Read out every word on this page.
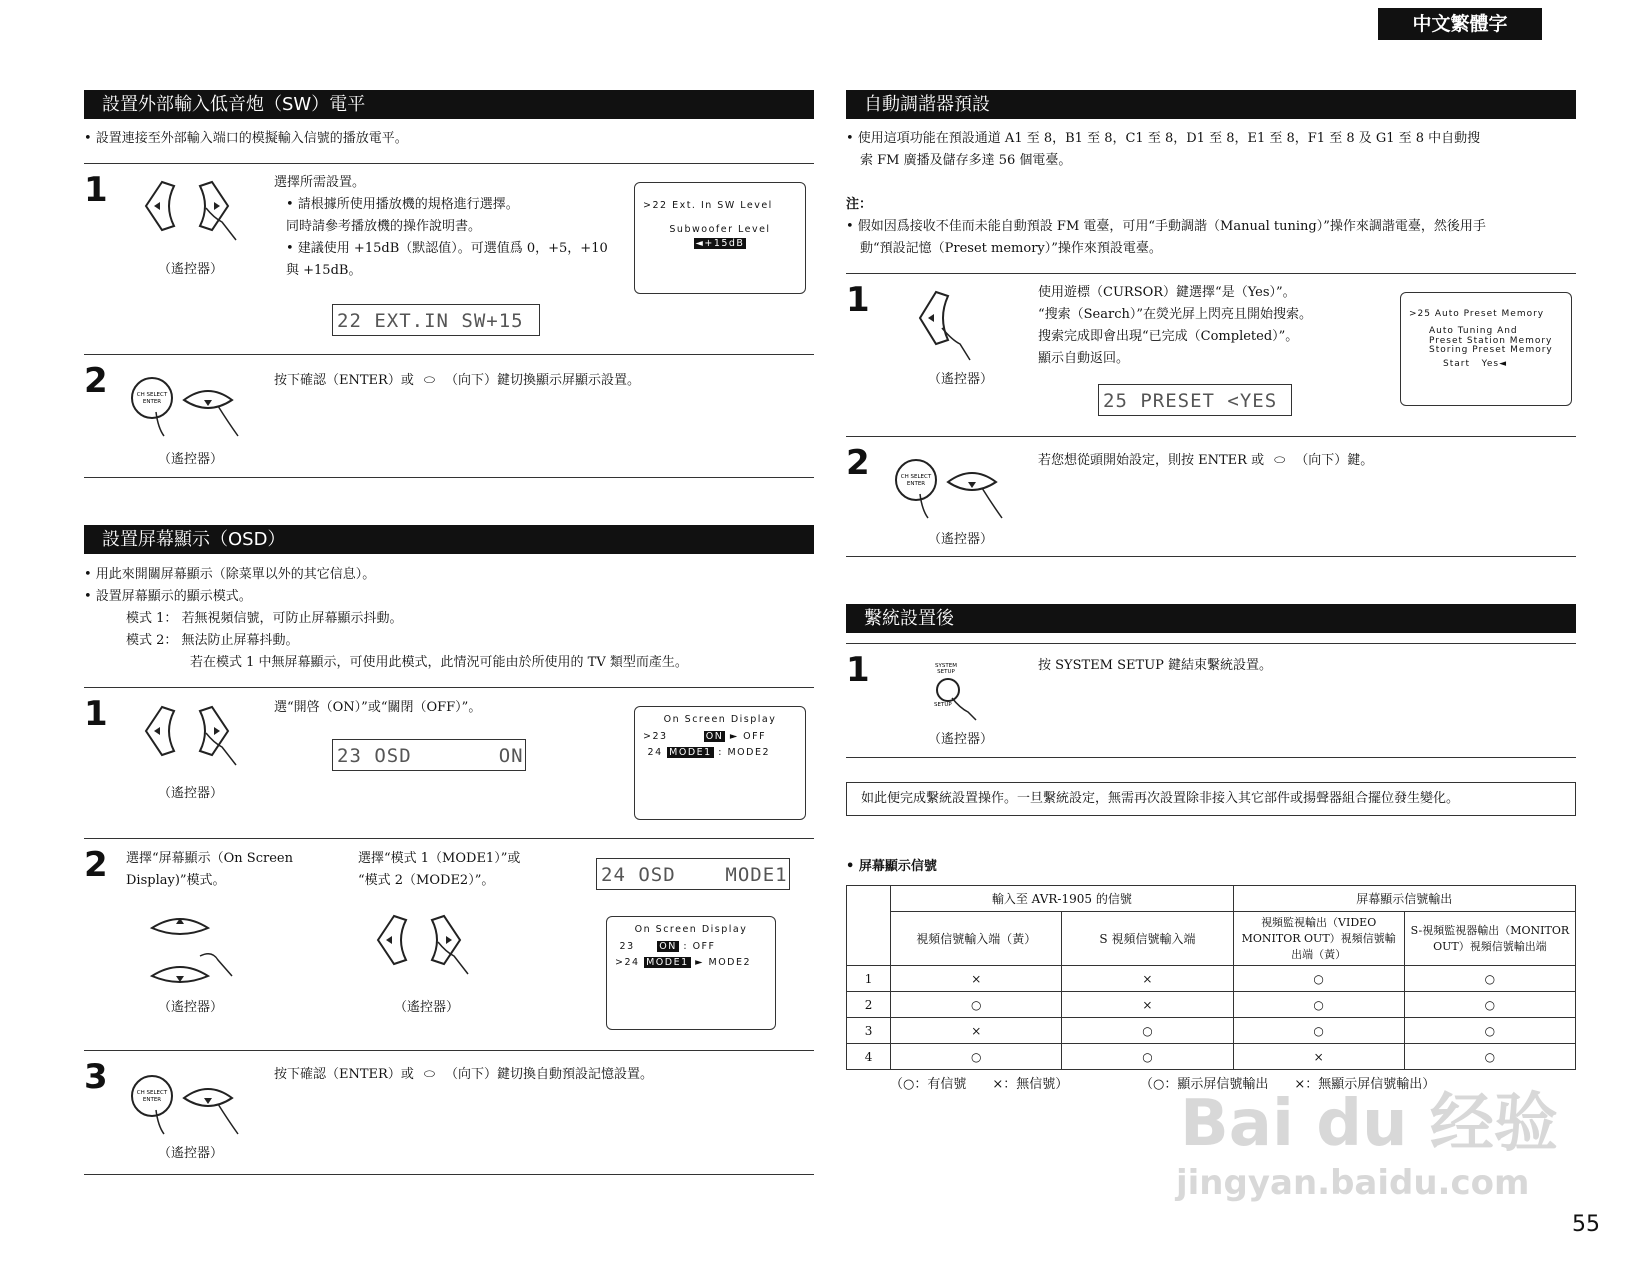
中文繁體字
設置外部輸入低音炮（SW）電平
• 設置連接至外部輸入端口的模擬輸入信號的播放電平。
1
（遙控器）
選擇所需設置。
• 請根據所使用播放機的規格進行選擇。
同時請參考播放機的操作說明書。
• 建議使用 +15dB（默認值）。可選值爲 0，+5，+10
與 +15dB。
>22 Ext. In SW Level
Subwoofer Level
◄+15dB
22 EXT.IN SW+15
2	CH SELECT
ENTER
（遙控器）
按下確認（ENTER）或 ⬭ （向下）鍵切換顯示屏顯示設置。
設置屏幕顯示（OSD）
• 用此來開關屏幕顯示（除菜單以外的其它信息）。
• 設置屏幕顯示的顯示模式。
模式 1： 若無視頻信號，可防止屏幕顯示抖動。
模式 2： 無法防止屏幕抖動。
若在模式 1 中無屏幕顯示，可使用此模式，此情況可能由於所使用的 TV 類型而產生。
1
（遙控器）
選“開啓（ON）”或“關閉（OFF）”。
23 OSD       ON
On Screen Display
>23	ON ► OFF
24 MODE1 : MODE2
2 選擇“屏幕顯示（On Screen
Display)”模式。
選擇“模式 1（MODE1）”或
“模式 2（MODE2）”。	24 OSD    MODE1
（遙控器）	（遙控器）
On Screen Display
23	ON : OFF
>24 MODE1 ► MODE2
3	CH SELECT
ENTER
（遙控器）
按下確認（ENTER）或 ⬭ （向下）鍵切換自動預設記憶設置。
自動調諧器預設
• 使用這項功能在預設通道 A1 至 8，B1 至 8，C1 至 8，D1 至 8，E1 至 8，F1 至 8 及 G1 至 8 中自動搜
索 FM 廣播及儲存多達 56 個電臺。
注：
• 假如因爲接收不佳而未能自動預設 FM 電臺，可用“手動調諧（Manual tuning）”操作來調諧電臺，然後用手
動“預設記憶（Preset memory）”操作來預設電臺。
1
（遙控器）
使用遊標（CURSOR）鍵選擇“是（Yes）”。
“搜索（Search）”在熒光屏上閃亮且開始搜索。
搜索完成即會出現“已完成（Completed）”。
顯示自動返回。
25 PRESET <YES
>25 Auto Preset Memory
Auto Tuning And
Preset Station Memory
Storing Preset Memory
Start   Yes◄
2	CH SELECT
ENTER
（遙控器）
若您想從頭開始設定，則按 ENTER 或 ⬭ （向下）鍵。
繫統設置後
1	SYSTEM
SETUP
SETUP
（遙控器）
按 SYSTEM SETUP 鍵結束繫統設置。
如此便完成繫統設置操作。一旦繫統設定，無需再次設置除非接入其它部件或揚聲器組合擺位發生變化。
• 屏幕顯示信號
	輸入至 AVR-1905 的信號		屏幕顯示信號輸出	
	視頻信號輸入端（黃）	S 視頻信號輸入端	視頻監視輸出（VIDEO MONITOR OUT）視頻信號輸出端（黃）	S-視頻監視器輸出（MONITOR OUT）視頻信號輸出端
1	×	×	○	○
2	○	×	○	○
3	×	○	○	○
4	○	○	×	○
（○：有信號　　×：無信號）	（○：顯示屏信號輸出　　×：無顯示屏信號輸出）
Bai du 经验
jingyan.baidu.com
55
